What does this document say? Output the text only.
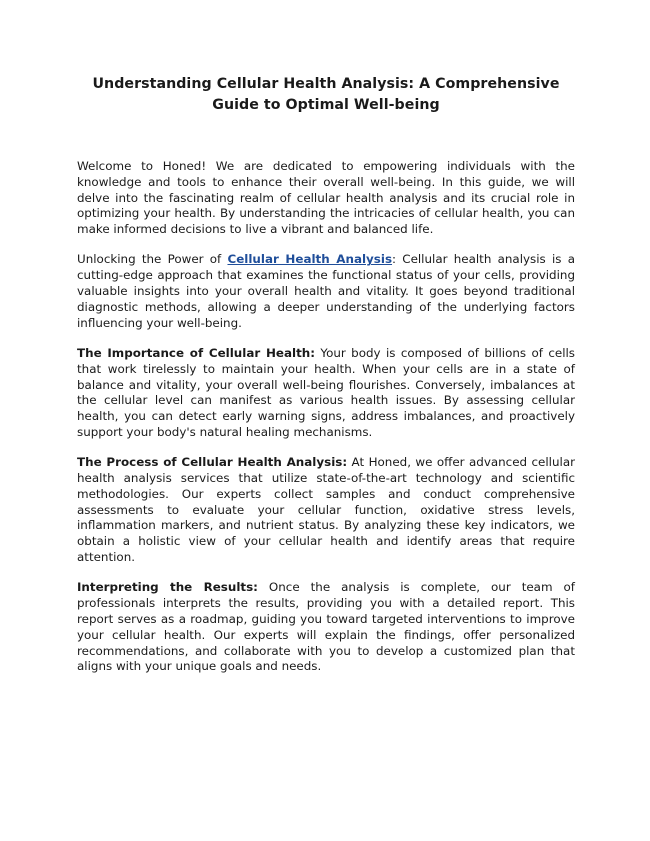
Understanding Cellular Health Analysis: A Comprehensive Guide to Optimal Well-being

Welcome to Honed! We are dedicated to empowering individuals with the knowledge and tools to enhance their overall well-being. In this guide, we will delve into the fascinating realm of cellular health analysis and its crucial role in optimizing your health. By understanding the intricacies of cellular health, you can make informed decisions to live a vibrant and balanced life.

Unlocking the Power of Cellular Health Analysis: Cellular health analysis is a cutting-edge approach that examines the functional status of your cells, providing valuable insights into your overall health and vitality. It goes beyond traditional diagnostic methods, allowing a deeper understanding of the underlying factors influencing your well-being.

The Importance of Cellular Health: Your body is composed of billions of cells that work tirelessly to maintain your health. When your cells are in a state of balance and vitality, your overall well-being flourishes. Conversely, imbalances at the cellular level can manifest as various health issues. By assessing cellular health, you can detect early warning signs, address imbalances, and proactively support your body's natural healing mechanisms.

The Process of Cellular Health Analysis: At Honed, we offer advanced cellular health analysis services that utilize state-of-the-art technology and scientific methodologies. Our experts collect samples and conduct comprehensive assessments to evaluate your cellular function, oxidative stress levels, inflammation markers, and nutrient status. By analyzing these key indicators, we obtain a holistic view of your cellular health and identify areas that require attention.

Interpreting the Results: Once the analysis is complete, our team of professionals interprets the results, providing you with a detailed report. This report serves as a roadmap, guiding you toward targeted interventions to improve your cellular health. Our experts will explain the findings, offer personalized recommendations, and collaborate with you to develop a customized plan that aligns with your unique goals and needs.
